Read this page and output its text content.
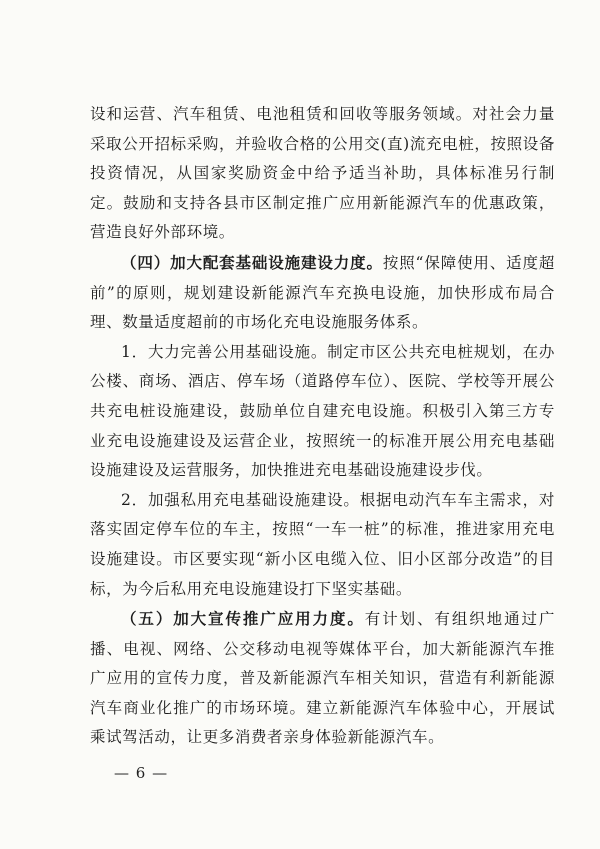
设和运营、汽车租赁、电池租赁和回收等服务领域。对社会力量采取公开招标采购，并验收合格的公用交(直)流充电桩，按照设备投资情况，从国家奖励资金中给予适当补助，具体标准另行制定。鼓励和支持各县市区制定推广应用新能源汽车的优惠政策，营造良好外部环境。

（四）加大配套基础设施建设力度。按照“保障使用、适度超前”的原则，规划建设新能源汽车充换电设施，加快形成布局合理、数量适度超前的市场化充电设施服务体系。

1．大力完善公用基础设施。制定市区公共充电桩规划，在办公楼、商场、酒店、停车场（道路停车位）、医院、学校等开展公共充电桩设施建设，鼓励单位自建充电设施。积极引入第三方专业充电设施建设及运营企业，按照统一的标准开展公用充电基础设施建设及运营服务，加快推进充电基础设施建设步伐。

2．加强私用充电基础设施建设。根据电动汽车车主需求，对落实固定停车位的车主，按照“一车一桩”的标准，推进家用充电设施建设。市区要实现“新小区电缆入位、旧小区部分改造”的目标，为今后私用充电设施建设打下坚实基础。

（五）加大宣传推广应用力度。有计划、有组织地通过广播、电视、网络、公交移动电视等媒体平台，加大新能源汽车推广应用的宣传力度，普及新能源汽车相关知识，营造有利新能源汽车商业化推广的市场环境。建立新能源汽车体验中心，开展试乘试驾活动，让更多消费者亲身体验新能源汽车。

— 6 —
